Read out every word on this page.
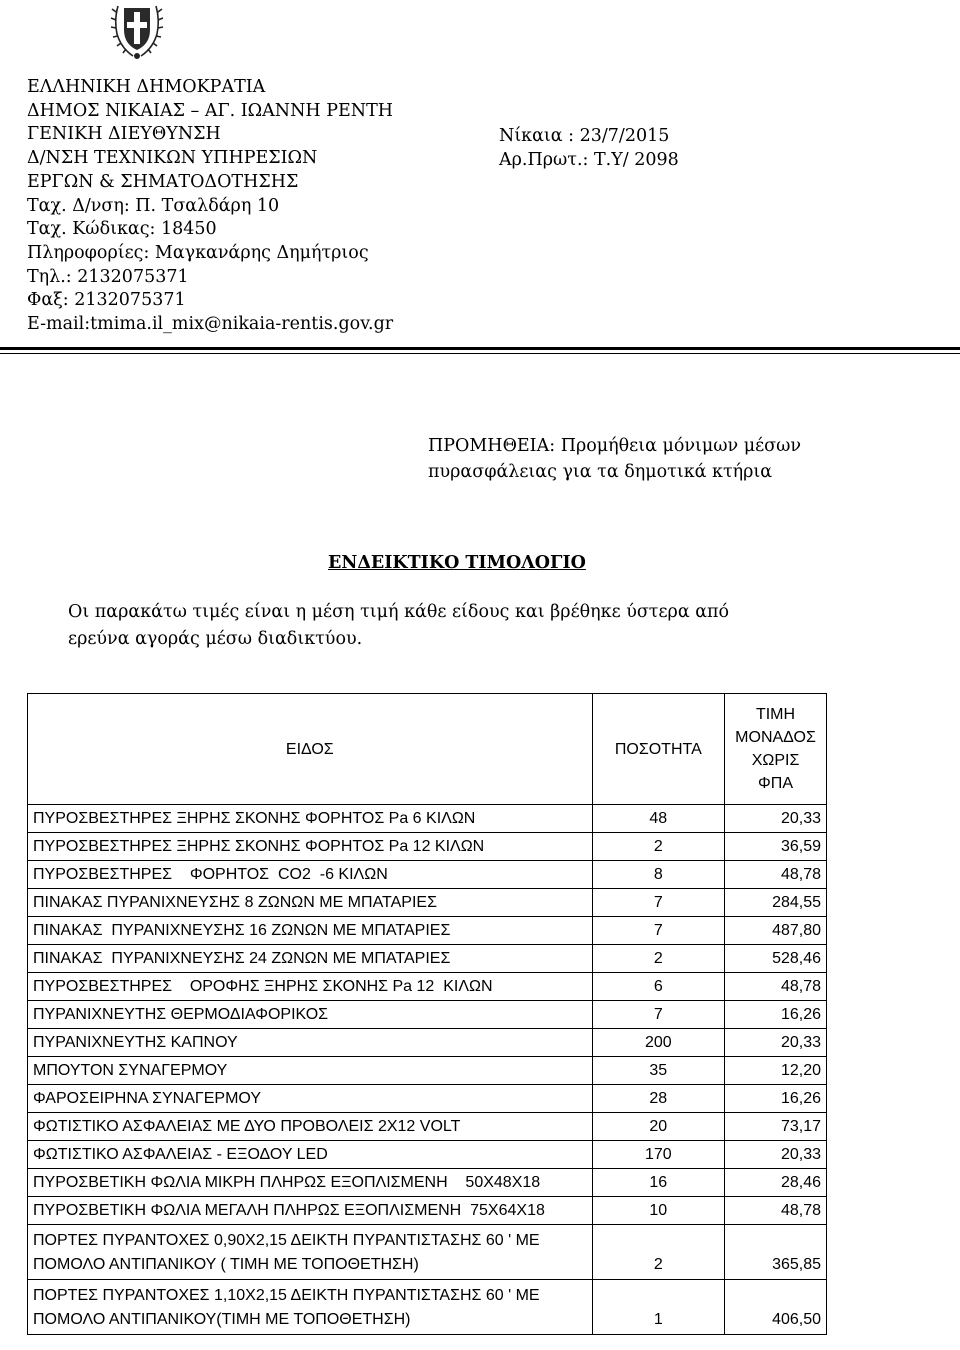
ΕΛΛΗΝΙΚΗ ΔΗΜΟΚΡΑΤΙΑ
ΔΗΜΟΣ ΝΙΚΑΙΑΣ – ΑΓ. ΙΩΑΝΝΗ ΡΕΝΤΗ
ΓΕΝΙΚΗ ΔΙΕΥΘΥΝΣΗ
Δ/ΝΣΗ ΤΕΧΝΙΚΩΝ ΥΠΗΡΕΣΙΩΝ
ΕΡΓΩΝ & ΣΗΜΑΤΟΔΟΤΗΣΗΣ
Ταχ. Δ/νση: Π. Τσαλδάρη 10
Ταχ. Κώδικας: 18450
Πληροφορίες: Μαγκανάρης Δημήτριος
Τηλ.: 2132075371
Φαξ: 2132075371
E-mail:tmima.il_mix@nikaia-rentis.gov.gr
Νίκαια : 23/7/2015
Αρ.Πρωτ.: Τ.Υ/ 2098
ΠΡΟΜΗΘΕΙΑ: Προμήθεια μόνιμων μέσων
πυρασφάλειας για τα δημοτικά κτήρια
ΕΝΔΕΙΚΤΙΚΟ ΤΙΜΟΛΟΓΙΟ
Οι παρακάτω τιμές είναι η μέση τιμή κάθε είδους και βρέθηκε ύστερα από
ερεύνα αγοράς μέσω διαδικτύου.
ΕΙΔΟΣ	ΠΟΣΟΤΗΤΑ	ΤΙΜΗ
ΜΟΝΑΔΟΣ
ΧΩΡΙΣ
ΦΠΑ

ΠΥΡΟΣΒΕΣΤΗΡΕΣ ΞΗΡΗΣ ΣΚΟΝΗΣ ΦΟΡΗΤΟΣ Pa 6 ΚΙΛΩΝ	48	20,33
ΠΥΡΟΣΒΕΣΤΗΡΕΣ ΞΗΡΗΣ ΣΚΟΝΗΣ ΦΟΡΗΤΟΣ Pa 12 ΚΙΛΩΝ	2	36,59
ΠΥΡΟΣΒΕΣΤΗΡΕΣ    ΦΟΡΗΤΟΣ  CO2  -6 ΚΙΛΩΝ	8	48,78
ΠΙΝΑΚΑΣ ΠΥΡΑΝΙΧΝΕΥΣΗΣ 8 ΖΩΝΩΝ ΜΕ ΜΠΑΤΑΡΙΕΣ	7	284,55
ΠΙΝΑΚΑΣ  ΠΥΡΑΝΙΧΝΕΥΣΗΣ 16 ΖΩΝΩΝ ΜΕ ΜΠΑΤΑΡΙΕΣ	7	487,80
ΠΙΝΑΚΑΣ  ΠΥΡΑΝΙΧΝΕΥΣΗΣ 24 ΖΩΝΩΝ ΜΕ ΜΠΑΤΑΡΙΕΣ	2	528,46
ΠΥΡΟΣΒΕΣΤΗΡΕΣ    ΟΡΟΦΗΣ ΞΗΡΗΣ ΣΚΟΝΗΣ Pa 12  ΚΙΛΩΝ	6	48,78
ΠΥΡΑΝΙΧΝΕΥΤΗΣ ΘΕΡΜΟΔΙΑΦΟΡΙΚΟΣ	7	16,26
ΠΥΡΑΝΙΧΝΕΥΤΗΣ ΚΑΠΝΟΥ	200	20,33
ΜΠΟΥΤΟΝ ΣΥΝΑΓΕΡΜΟΥ	35	12,20
ΦΑΡΟΣΕΙΡΗΝΑ ΣΥΝΑΓΕΡΜΟΥ	28	16,26
ΦΩΤΙΣΤΙΚΟ ΑΣΦΑΛΕΙΑΣ ΜΕ ΔΥΟ ΠΡΟΒΟΛΕΙΣ 2Χ12 VOLT	20	73,17
ΦΩΤΙΣΤΙΚΟ ΑΣΦΑΛΕΙΑΣ - ΕΞΟΔΟΥ LED	170	20,33
ΠΥΡΟΣΒΕΤΙΚΗ ΦΩΛΙΑ ΜΙΚΡΗ ΠΛΗΡΩΣ ΕΞΟΠΛΙΣΜΕΝΗ    50Χ48Χ18	16	28,46
ΠΥΡΟΣΒΕΤΙΚΗ ΦΩΛΙΑ ΜΕΓΑΛΗ ΠΛΗΡΩΣ ΕΞΟΠΛΙΣΜΕΝΗ  75Χ64Χ18	10	48,78

ΠΟΡΤΕΣ ΠΥΡΑΝΤΟΧΕΣ 0,90Χ2,15 ΔΕΙΚΤΗ ΠΥΡΑΝΤΙΣΤΑΣΗΣ 60 ' ΜΕ
ΠΟΜΟΛΟ ΑΝΤΙΠΑΝΙΚΟΥ ( ΤΙΜΗ ΜΕ ΤΟΠΟΘΕΤΗΣΗ)	2	365,85

ΠΟΡΤΕΣ ΠΥΡΑΝΤΟΧΕΣ 1,10Χ2,15 ΔΕΙΚΤΗ ΠΥΡΑΝΤΙΣΤΑΣΗΣ 60 ' ΜΕ
ΠΟΜΟΛΟ ΑΝΤΙΠΑΝΙΚΟΥ(ΤΙΜΗ ΜΕ ΤΟΠΟΘΕΤΗΣΗ)	1	406,50
